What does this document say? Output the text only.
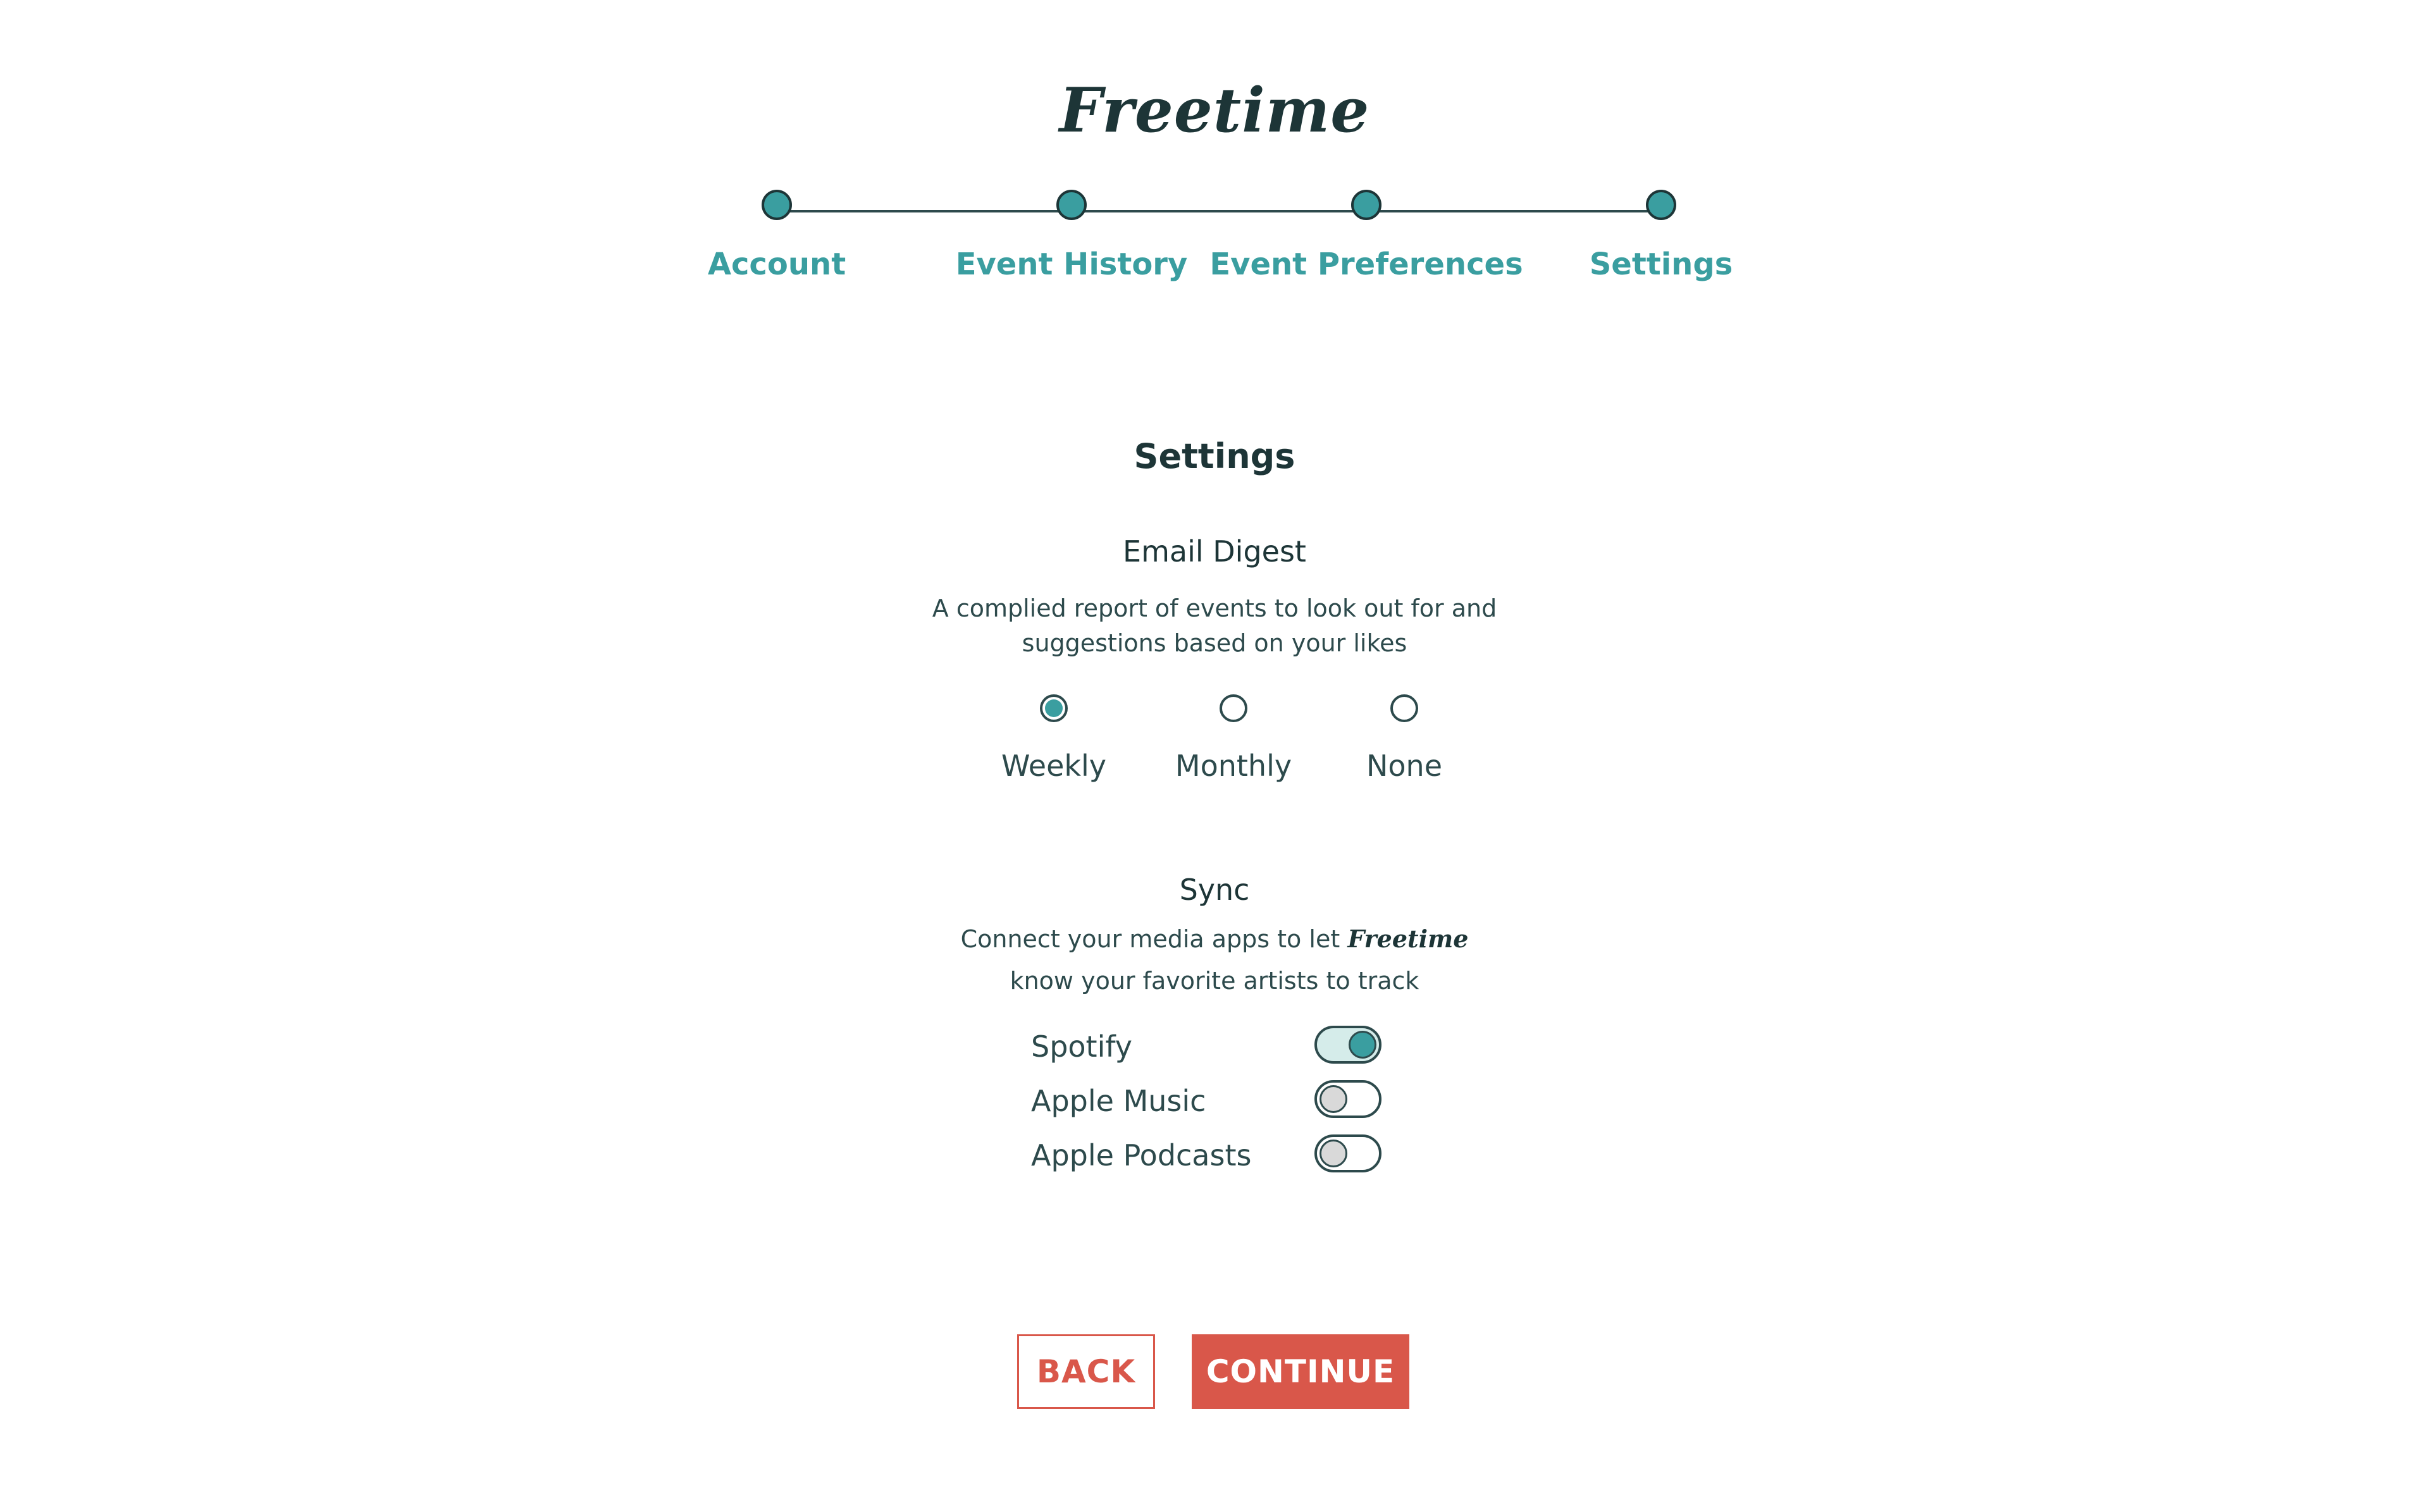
Freetime
Account	Event History Event Preferences Settings
Settings
Email Digest
A complied report of events to look out for and suggestions based on your likes
Weekly Monthly	None
Sync
Connect your media apps to let Freetime know your favorite artists to track
Spotify
Apple Music
Apple Podcasts
BACK	CONTINUE
